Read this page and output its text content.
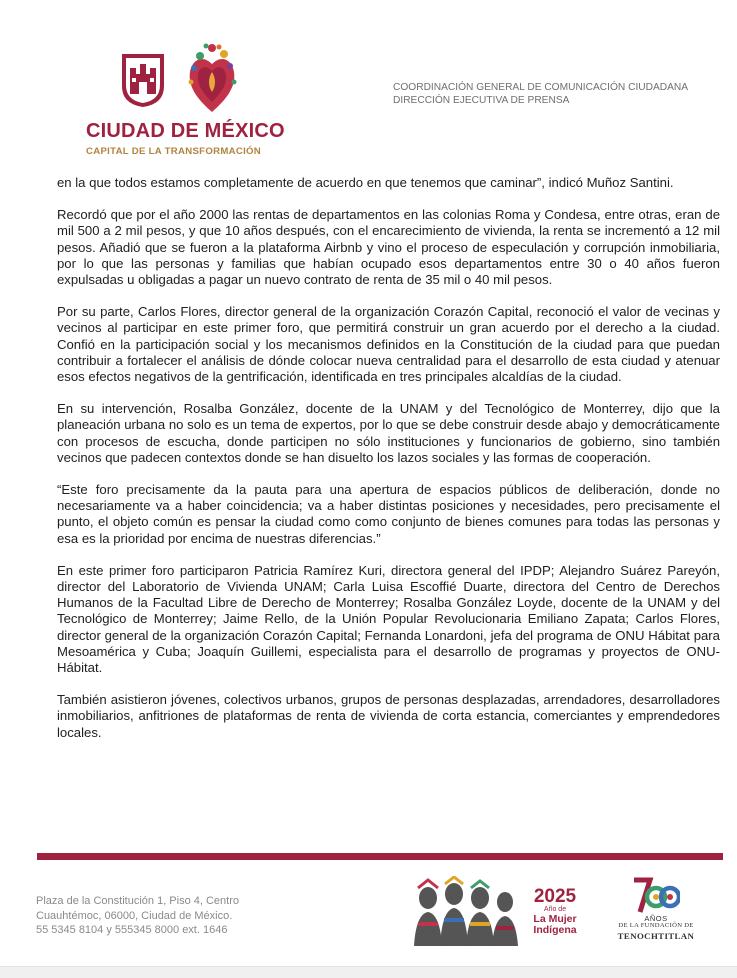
CIUDAD DE MÉXICO
CAPITAL DE LA TRANSFORMACIÓN
COORDINACIÓN GENERAL DE COMUNICACIÓN CIUDADANA
DIRECCIÓN EJECUTIVA DE PRENSA

en la que todos estamos completamente de acuerdo en que tenemos que caminar”, indicó Muñoz Santini.

Recordó que por el año 2000 las rentas de departamentos en las colonias Roma y Condesa, entre otras, eran de mil 500 a 2 mil pesos, y que 10 años después, con el encarecimiento de vivienda, la renta se incrementó a 12 mil pesos. Añadió que se fueron a la plataforma Airbnb y vino el proceso de especulación y corrupción inmobiliaria, por lo que las personas y familias que habían ocupado esos departamentos entre 30 o 40 años fueron expulsadas u obligadas a pagar un nuevo contrato de renta de 35 mil o 40 mil pesos.

Por su parte, Carlos Flores, director general de la organización Corazón Capital, reconoció el valor de vecinas y vecinos al participar en este primer foro, que permitirá construir un gran acuerdo por el derecho a la ciudad. Confió en la participación social y los mecanismos definidos en la Constitución de la ciudad para que puedan contribuir a fortalecer el análisis de dónde colocar nueva centralidad para el desarrollo de esta ciudad y atenuar esos efectos negativos de la gentrificación, identificada en tres principales alcaldías de la ciudad.

En su intervención, Rosalba González, docente de la UNAM y del Tecnológico de Monterrey, dijo que la planeación urbana no solo es un tema de expertos, por lo que se debe construir desde abajo y democráticamente con procesos de escucha, donde participen no sólo instituciones y funcionarios de gobierno, sino también vecinos que padecen contextos donde se han disuelto los lazos sociales y las formas de cooperación.

“Este foro precisamente da la pauta para una apertura de espacios públicos de deliberación, donde no necesariamente va a haber coincidencia; va a haber distintas posiciones y necesidades, pero precisamente el punto, el objeto común es pensar la ciudad como como conjunto de bienes comunes para todas las personas y esa es la prioridad por encima de nuestras diferencias.”

En este primer foro participaron Patricia Ramírez Kuri, directora general del IPDP; Alejandro Suárez Pareyón, director del Laboratorio de Vivienda UNAM; Carla Luisa Escoffié Duarte, directora del Centro de Derechos Humanos de la Facultad Libre de Derecho de Monterrey; Rosalba González Loyde, docente de la UNAM y del Tecnológico de Monterrey; Jaime Rello, de la Unión Popular Revolucionaria Emiliano Zapata; Carlos Flores, director general de la organización Corazón Capital; Fernanda Lonardoni, jefa del programa de ONU Hábitat para Mesoamérica y Cuba; Joaquín Guillemi, especialista para el desarrollo de programas y proyectos de ONU-Hábitat.

También asistieron jóvenes, colectivos urbanos, grupos de personas desplazadas, arrendadores, desarrolladores inmobiliarios, anfitriones de plataformas de renta de vivienda de corta estancia, comerciantes y emprendedores locales.

Plaza de la Constitución 1, Piso 4, Centro
Cuauhtémoc, 06000, Ciudad de México.
55 5345 8104 y 555345 8000 ext. 1646
2025
Año de
La Mujer
Indígena
AÑOS
DE LA FUNDACIÓN DE
TENOCHTITLAN
